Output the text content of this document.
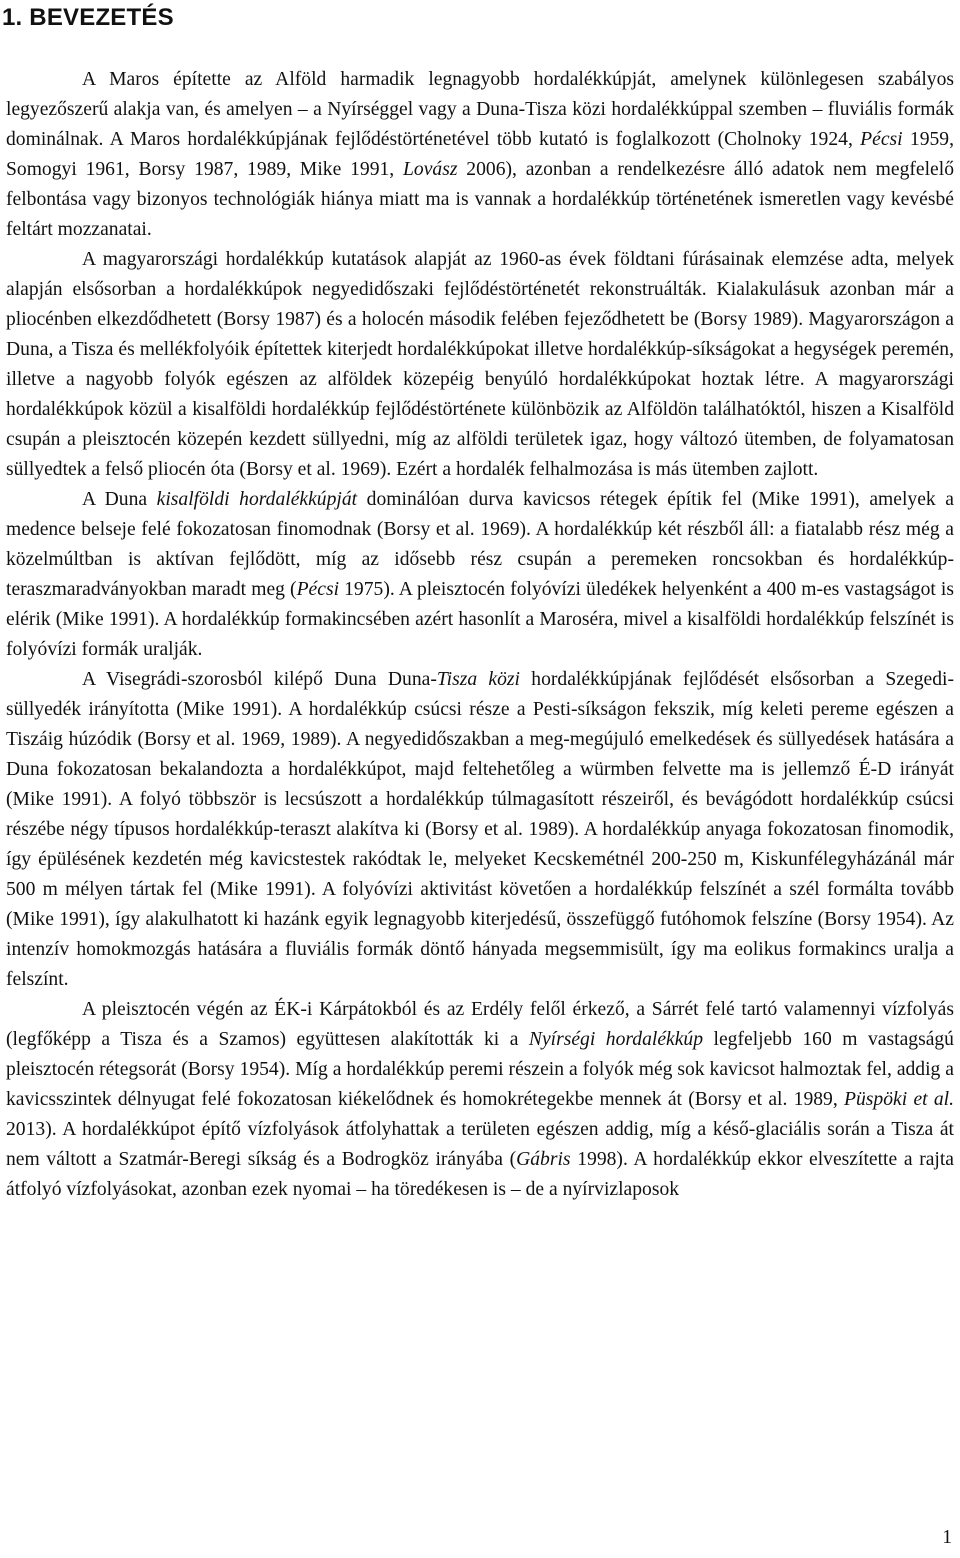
1. BEVEZETÉS

A Maros építette az Alföld harmadik legnagyobb hordalékkúpját, amelynek különlegesen szabályos legyezőszerű alakja van, és amelyen – a Nyírséggel vagy a Duna-Tisza közi hordalékkúppal szemben – fluviális formák dominálnak. A Maros hordalékkúpjának fejlődéstörténetével több kutató is foglalkozott (Cholnoky 1924, Pécsi 1959, Somogyi 1961, Borsy 1987, 1989, Mike 1991, Lovász 2006), azonban a rendelkezésre álló adatok nem megfelelő felbontása vagy bizonyos technológiák hiánya miatt ma is vannak a hordalékkúp történetének ismeretlen vagy kevésbé feltárt mozzanatai.

A magyarországi hordalékkúp kutatások alapját az 1960-as évek földtani fúrásainak elemzése adta, melyek alapján elsősorban a hordalékkúpok negyedidőszaki fejlődéstörténetét rekonstruálták. Kialakulásuk azonban már a pliocénben elkezdődhetett (Borsy 1987) és a holocén második felében fejeződhetett be (Borsy 1989). Magyarországon a Duna, a Tisza és mellékfolyóik építettek kiterjedt hordalékkúpokat illetve hordalékkúp-síkságokat a hegységek peremén, illetve a nagyobb folyók egészen az alföldek közepéig benyúló hordalékkúpokat hoztak létre. A magyarországi hordalékkúpok közül a kisalföldi hordalékkúp fejlődéstörténete különbözik az Alföldön találhatóktól, hiszen a Kisalföld csupán a pleisztocén közepén kezdett süllyedni, míg az alföldi területek igaz, hogy változó ütemben, de folyamatosan süllyedtek a felső pliocén óta (Borsy et al. 1969). Ezért a hordalék felhalmozása is más ütemben zajlott.

A Duna kisalföldi hordalékkúpját dominálóan durva kavicsos rétegek építik fel (Mike 1991), amelyek a medence belseje felé fokozatosan finomodnak (Borsy et al. 1969). A hordalékkúp két részből áll: a fiatalabb rész még a közelmúltban is aktívan fejlődött, míg az idősebb rész csupán a peremeken roncsokban és hordalékkúp-teraszmaradványokban maradt meg (Pécsi 1975). A pleisztocén folyóvízi üledékek helyenként a 400 m-es vastagságot is elérik (Mike 1991). A hordalékkúp formakincsében azért hasonlít a Maroséra, mivel a kisalföldi hordalékkúp felszínét is folyóvízi formák uralják.

A Visegrádi-szorosból kilépő Duna Duna-Tisza közi hordalékkúpjának fejlődését elsősorban a Szegedi-süllyedék irányította (Mike 1991). A hordalékkúp csúcsi része a Pesti-síkságon fekszik, míg keleti pereme egészen a Tiszáig húzódik (Borsy et al. 1969, 1989). A negyedidőszakban a meg-megújuló emelkedések és süllyedések hatására a Duna fokozatosan bekalandozta a hordalékkúpot, majd feltehetőleg a würmben felvette ma is jellemző É-D irányát (Mike 1991). A folyó többször is lecsúszott a hordalékkúp túlmagasított részeiről, és bevágódott hordalékkúp csúcsi részébe négy típusos hordalékkúp-teraszt alakítva ki (Borsy et al. 1989). A hordalékkúp anyaga fokozatosan finomodik, így épülésének kezdetén még kavicstestek rakódtak le, melyeket Kecskemétnél 200-250 m, Kiskunfélegyházánál már 500 m mélyen tártak fel (Mike 1991). A folyóvízi aktivitást követően a hordalékkúp felszínét a szél formálta tovább (Mike 1991), így alakulhatott ki hazánk egyik legnagyobb kiterjedésű, összefüggő futóhomok felszíne (Borsy 1954). Az intenzív homokmozgás hatására a fluviális formák döntő hányada megsemmisült, így ma eolikus formakincs uralja a felszínt.

A pleisztocén végén az ÉK-i Kárpátokból és az Erdély felől érkező, a Sárrét felé tartó valamennyi vízfolyás (legfőképp a Tisza és a Szamos) együttesen alakították ki a Nyírségi hordalékkúp legfeljebb 160 m vastagságú pleisztocén rétegsorát (Borsy 1954). Míg a hordalékkúp peremi részein a folyók még sok kavicsot halmoztak fel, addig a kavicsszintek délnyugat felé fokozatosan kiékelődnek és homokrétegekbe mennek át (Borsy et al. 1989, Püspöki et al. 2013). A hordalékkúpot építő vízfolyások átfolyhattak a területen egészen addig, míg a késő-glaciális során a Tisza át nem váltott a Szatmár-Beregi síkság és a Bodrogköz irányába (Gábris 1998). A hordalékkúp ekkor elveszítette a rajta átfolyó vízfolyásokat, azonban ezek nyomai – ha töredékesen is – de a nyírvizlaposok

1
